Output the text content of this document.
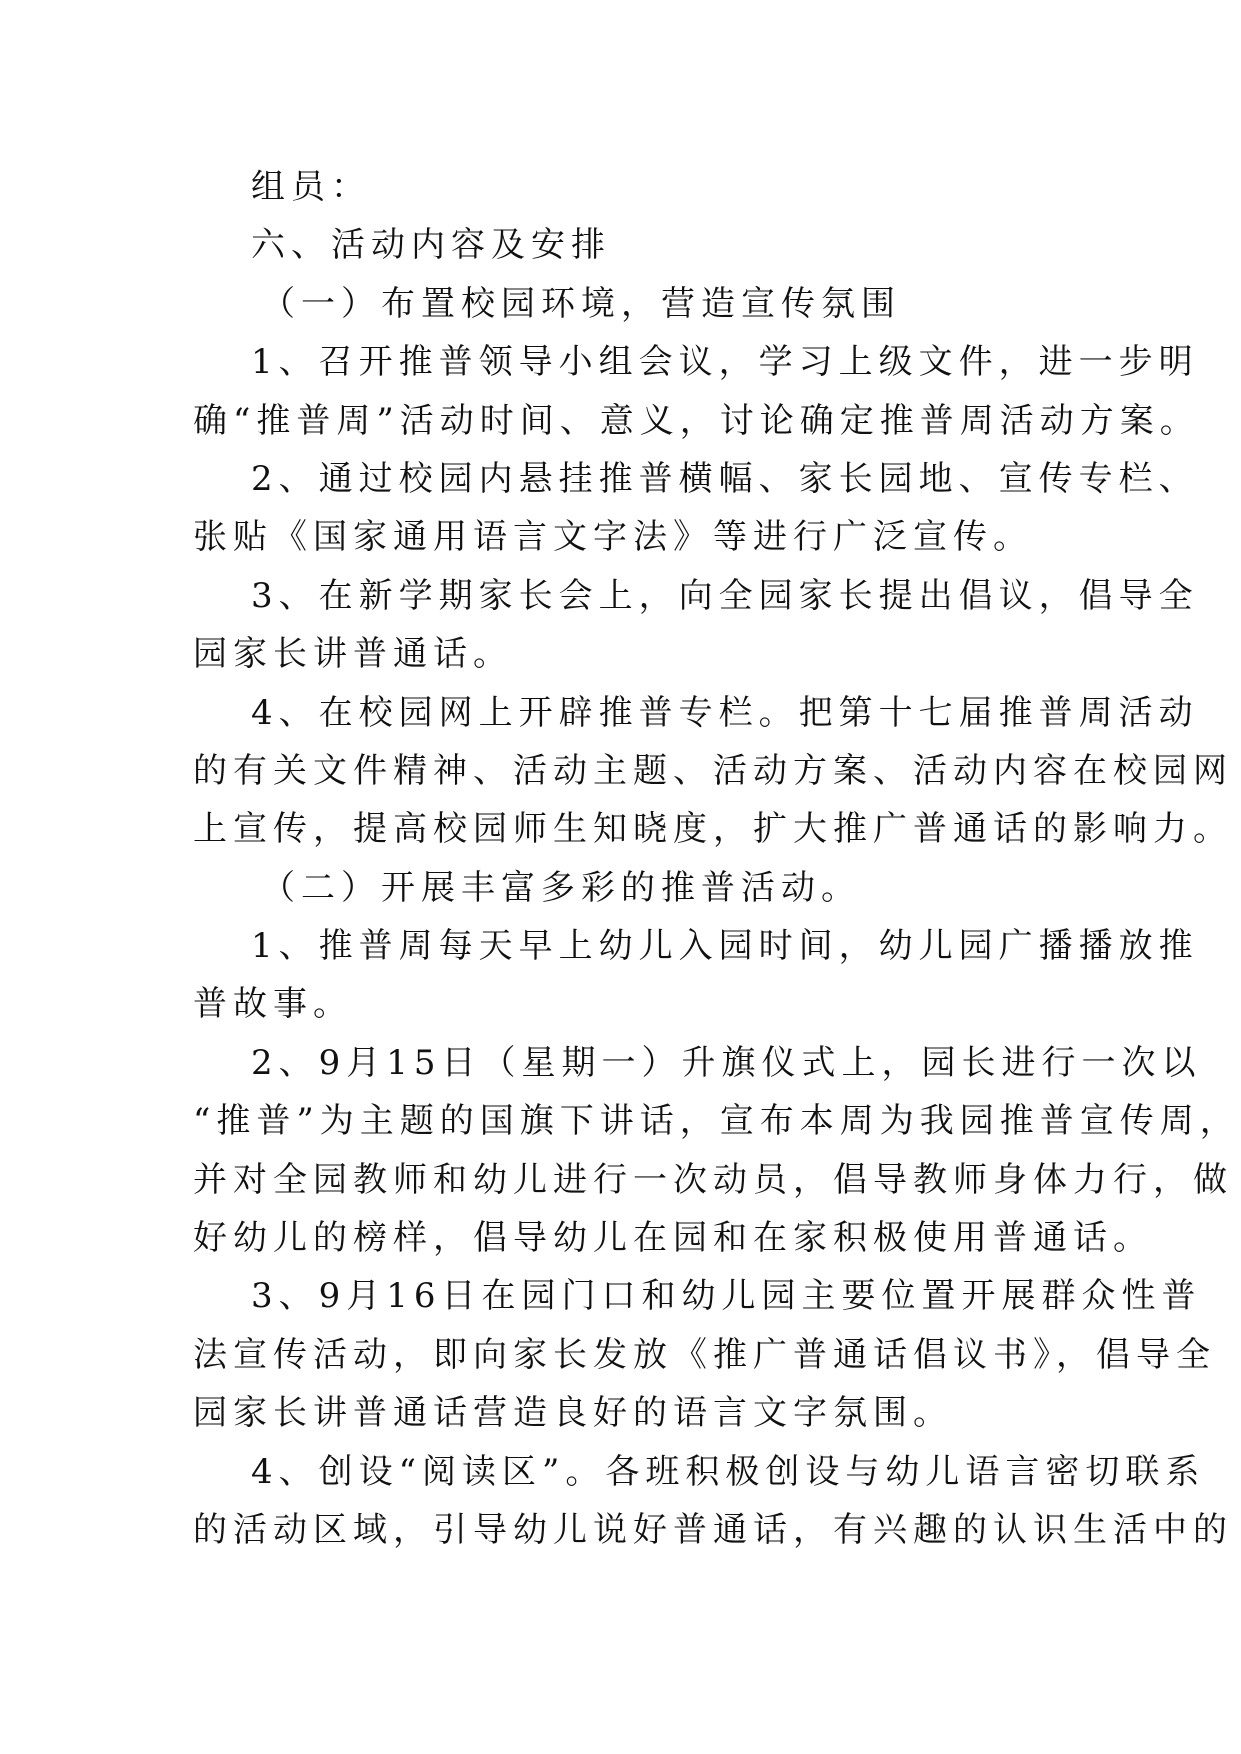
组员：
六、活动内容及安排
（一）布置校园环境，营造宣传氛围
1、召开推普领导小组会议，学习上级文件，进一步明
确“推普周”活动时间、意义，讨论确定推普周活动方案。
2、通过校园内悬挂推普横幅、家长园地、宣传专栏、
张贴《国家通用语言文字法》等进行广泛宣传。
3、在新学期家长会上，向全园家长提出倡议，倡导全
园家长讲普通话。
4、在校园网上开辟推普专栏。把第十七届推普周活动
的有关文件精神、活动主题、活动方案、活动内容在校园网
上宣传，提高校园师生知晓度，扩大推广普通话的影响力。
（二）开展丰富多彩的推普活动。
1、推普周每天早上幼儿入园时间，幼儿园广播播放推
普故事。
2、9月15日（星期一）升旗仪式上，园长进行一次以
“推普”为主题的国旗下讲话，宣布本周为我园推普宣传周，
并对全园教师和幼儿进行一次动员，倡导教师身体力行，做
好幼儿的榜样，倡导幼儿在园和在家积极使用普通话。
3、9月16日在园门口和幼儿园主要位置开展群众性普
法宣传活动，即向家长发放《推广普通话倡议书》，倡导全
园家长讲普通话营造良好的语言文字氛围。
4、创设“阅读区”。各班积极创设与幼儿语言密切联系
的活动区域，引导幼儿说好普通话，有兴趣的认识生活中的
